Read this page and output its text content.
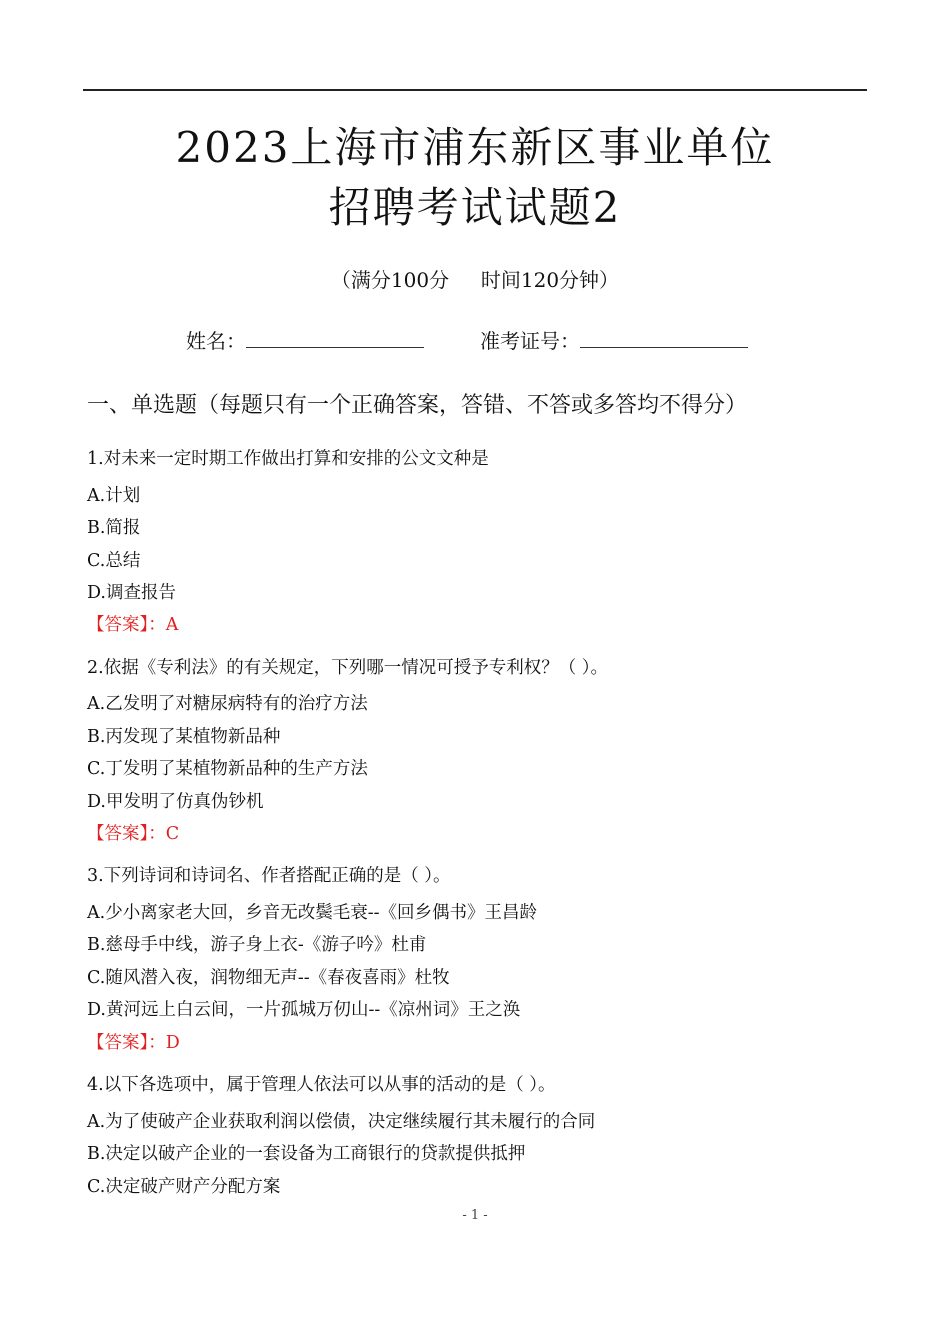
2023上海市浦东新区事业单位
招聘考试试题2
（满分100分     时间120分钟）
姓名：	准考证号：
一、单选题（每题只有一个正确答案，答错、不答或多答均不得分）
1.对未来一定时期工作做出打算和安排的公文文种是
A.计划
B.简报
C.总结
D.调查报告
【答案】：A
2.依据《专利法》的有关规定，下列哪一情况可授予专利权？（ ）。
A.乙发明了对糖尿病特有的治疗方法
B.丙发现了某植物新品种
C.丁发明了某植物新品种的生产方法
D.甲发明了仿真伪钞机
【答案】：C
3.下列诗词和诗词名、作者搭配正确的是（ ）。
A.少小离家老大回，乡音无改鬓毛衰--《回乡偶书》王昌龄
B.慈母手中线，游子身上衣-《游子吟》杜甫
C.随风潜入夜，润物细无声--《春夜喜雨》杜牧
D.黄河远上白云间，一片孤城万仞山--《凉州词》王之涣
【答案】：D
4.以下各选项中，属于管理人依法可以从事的活动的是（ ）。
A.为了使破产企业获取利润以偿债，决定继续履行其未履行的合同
B.决定以破产企业的一套设备为工商银行的贷款提供抵押
C.决定破产财产分配方案
- 1 -
